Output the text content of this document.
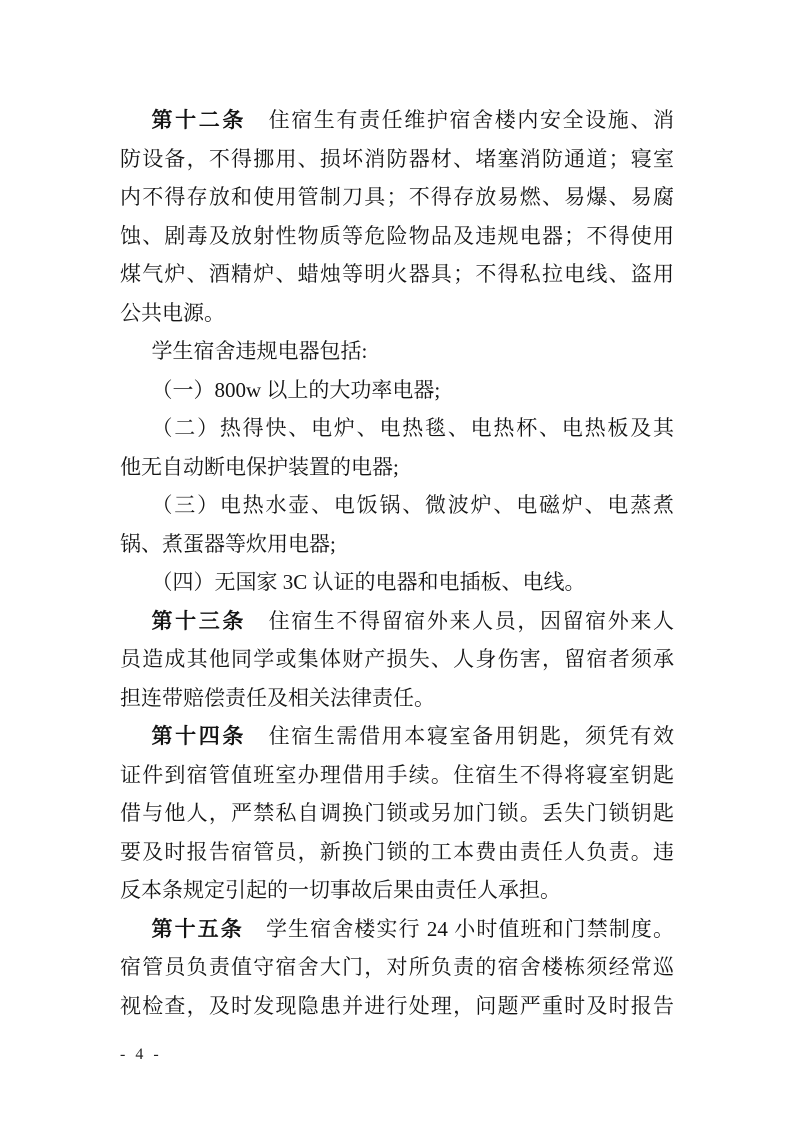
第十二条　住宿生有责任维护宿舍楼内安全设施、消
防设备，不得挪用、损坏消防器材、堵塞消防通道；寝室
内不得存放和使用管制刀具；不得存放易燃、易爆、易腐
蚀、剧毒及放射性物质等危险物品及违规电器；不得使用
煤气炉、酒精炉、蜡烛等明火器具；不得私拉电线、盗用
公共电源。
学生宿舍违规电器包括:
（一）800w 以上的大功率电器;
（二）热得快、电炉、电热毯、电热杯、电热板及其
他无自动断电保护装置的电器;
（三）电热水壶、电饭锅、微波炉、电磁炉、电蒸煮
锅、煮蛋器等炊用电器;
（四）无国家 3C 认证的电器和电插板、电线。
第十三条　住宿生不得留宿外来人员，因留宿外来人
员造成其他同学或集体财产损失、人身伤害，留宿者须承
担连带赔偿责任及相关法律责任。
第十四条　住宿生需借用本寝室备用钥匙，须凭有效
证件到宿管值班室办理借用手续。住宿生不得将寝室钥匙
借与他人，严禁私自调换门锁或另加门锁。丢失门锁钥匙
要及时报告宿管员，新换门锁的工本费由责任人负责。违
反本条规定引起的一切事故后果由责任人承担。
第十五条　学生宿舍楼实行 24 小时值班和门禁制度。
宿管员负责值守宿舍大门，对所负责的宿舍楼栋须经常巡
视检查，及时发现隐患并进行处理，问题严重时及时报告
- 4 -
